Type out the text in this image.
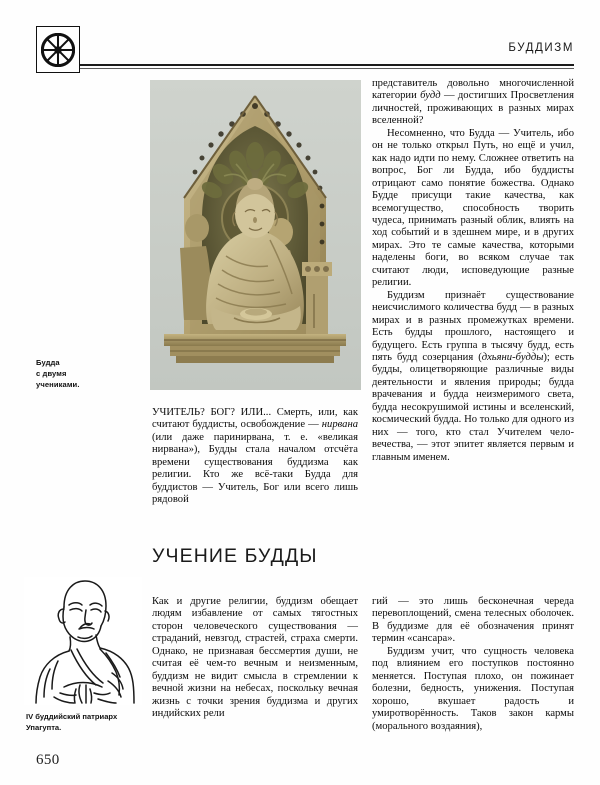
БУДДИЗМ
Будда
с двумя
учениками.

представитель довольно многочисленной категории будд — достигших Просветления личностей, проживающих в разных мирах вселенной?

Несомненно, что Будда — Учитель, ибо он не только открыл Путь, но ещё и учил, как надо идти по нему. Сложнее ответить на вопрос, Бог ли Будда, ибо буддисты отрицают само понятие божества. Однако Будде присущи такие качества, как всемогущество, способность творить чудеса, принимать разный облик, влиять на ход событий и в здешнем мире, и в других мирах. Это те самые качества, которыми наделены боги, во всяком случае так считают люди, исповедующие разные религии.

Буддизм признаёт существование неисчислимого количества будд — в разных мирах и в разных промежутках времени. Есть будды прошлого, настоящего и будущего. Есть группа в тысячу будд, есть пять будд созерцания (дхьяни-будды); есть будды, олицетворяющие различные виды деятельности и явления природы; будда врачевания и будда неизмеримого света, будда несокрушимой истины и вселенский, космический будда. Но только для одного из них — того, кто стал Учителем человечества, — этот эпитет является первым и главным именем.

УЧИТЕЛЬ? БОГ? ИЛИ... Смерть, или, как считают буддисты, освобождение — нирвана (или даже паринирвана, т. е. «великая нирвана»), Будды стала началом отсчёта времени существования буддизма как религии. Кто же всё-таки Будда для буддистов — Учитель, Бог или всего лишь рядовой

УЧЕНИЕ БУДДЫ
IV буддийский патриарх
Упагупта.

Как и другие религии, буддизм обещает людям избавление от самых тягостных сторон человеческого существования — страданий, невзгод, страстей, страха смерти. Однако, не признавая бессмертия души, не считая её чем-то вечным и неизменным, буддизм не видит смысла в стремлении к вечной жизни на небесах, поскольку вечная жизнь с точки зрения буддизма и других индийских рели

гий — это лишь бесконечная череда перевоплощений, смена телесных оболочек. В буддизме для её обозначения принят термин «сансара».

Буддизм учит, что сущность человека под влиянием его поступков постоянно меняется. Поступая плохо, он пожинает болезни, бедность, унижения. Поступая хорошо, вкушает радость и умиротворённость. Таков закон кармы (морального воздаяния),

650
